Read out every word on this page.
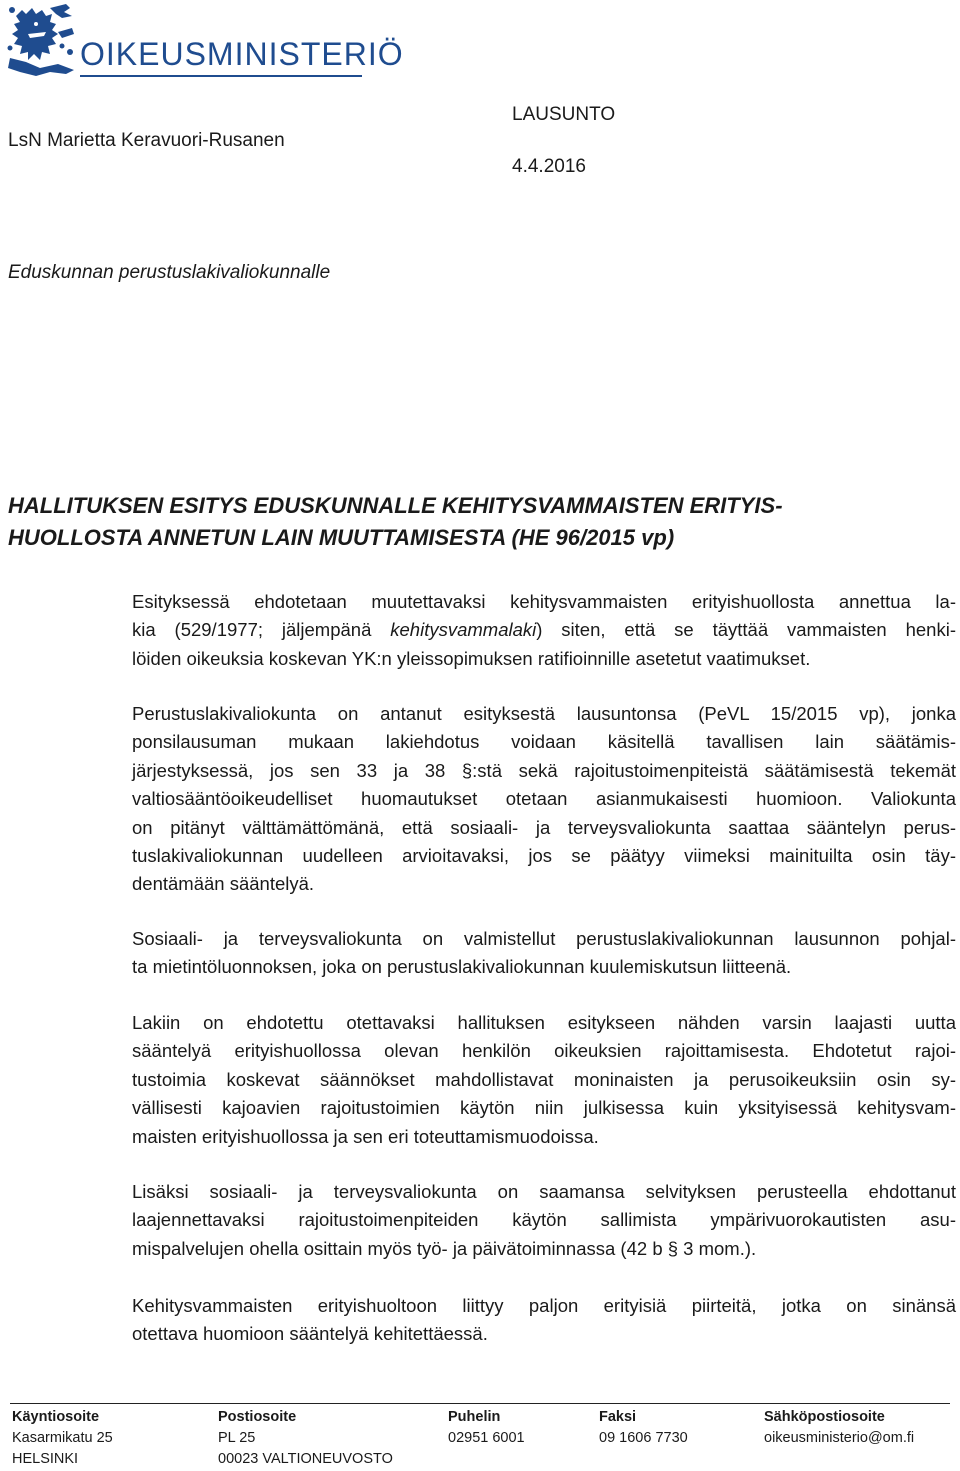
OIKEUSMINISTERIÖ
LAUSUNTO
LsN Marietta Keravuori-Rusanen
4.4.2016
Eduskunnan perustuslakivaliokunnalle
HALLITUKSEN ESITYS EDUSKUNNALLE KEHITYSVAMMAISTEN ERITYIS-
HUOLLOSTA ANNETUN LAIN MUUTTAMISESTA (HE 96/2015 vp)
Esityksessä ehdotetaan muutettavaksi kehitysvammaisten erityishuollosta annettua la-
kia (529/1977; jäljempänä kehitysvammalaki) siten, että se täyttää vammaisten henki-
löiden oikeuksia koskevan YK:n yleissopimuksen ratifioinnille asetetut vaatimukset.
Perustuslakivaliokunta on antanut esityksestä lausuntonsa (PeVL 15/2015 vp), jonka
ponsilausuman mukaan lakiehdotus voidaan käsitellä tavallisen lain säätämis-
järjestyksessä, jos sen 33 ja 38 §:stä sekä rajoitustoimenpiteistä säätämisestä tekemät
valtiosääntöoikeudelliset huomautukset otetaan asianmukaisesti huomioon. Valiokunta
on pitänyt välttämättömänä, että sosiaali- ja terveysvaliokunta saattaa sääntelyn perus-
tuslakivaliokunnan uudelleen arvioitavaksi, jos se päätyy viimeksi mainituilta osin täy-
dentämään sääntelyä.
Sosiaali- ja terveysvaliokunta on valmistellut perustuslakivaliokunnan lausunnon pohjal-
ta mietintöluonnoksen, joka on perustuslakivaliokunnan kuulemiskutsun liitteenä.
Lakiin on ehdotettu otettavaksi hallituksen esitykseen nähden varsin laajasti uutta
sääntelyä erityishuollossa olevan henkilön oikeuksien rajoittamisesta. Ehdotetut rajoi-
tustoimia koskevat säännökset mahdollistavat moninaisten ja perusoikeuksiin osin sy-
vällisesti kajoavien rajoitustoimien käytön niin julkisessa kuin yksityisessä kehitysvam-
maisten erityishuollossa ja sen eri toteuttamismuodoissa.
Lisäksi sosiaali- ja terveysvaliokunta on saamansa selvityksen perusteella ehdottanut
laajennettavaksi rajoitustoimenpiteiden käytön sallimista ympärivuorokautisten asu-
mispalvelujen ohella osittain myös työ- ja päivätoiminnassa (42 b § 3 mom.).
Kehitysvammaisten erityishuoltoon liittyy paljon erityisiä piirteitä, jotka on sinänsä
otettava huomioon sääntelyä kehitettäessä.
Käyntiosoite
Kasarmikatu 25
HELSINKI
Postiosoite
PL 25
00023 VALTIONEUVOSTO
Puhelin
02951 6001
Faksi
09 1606 7730
Sähköpostiosoite
oikeusministerio@om.fi
